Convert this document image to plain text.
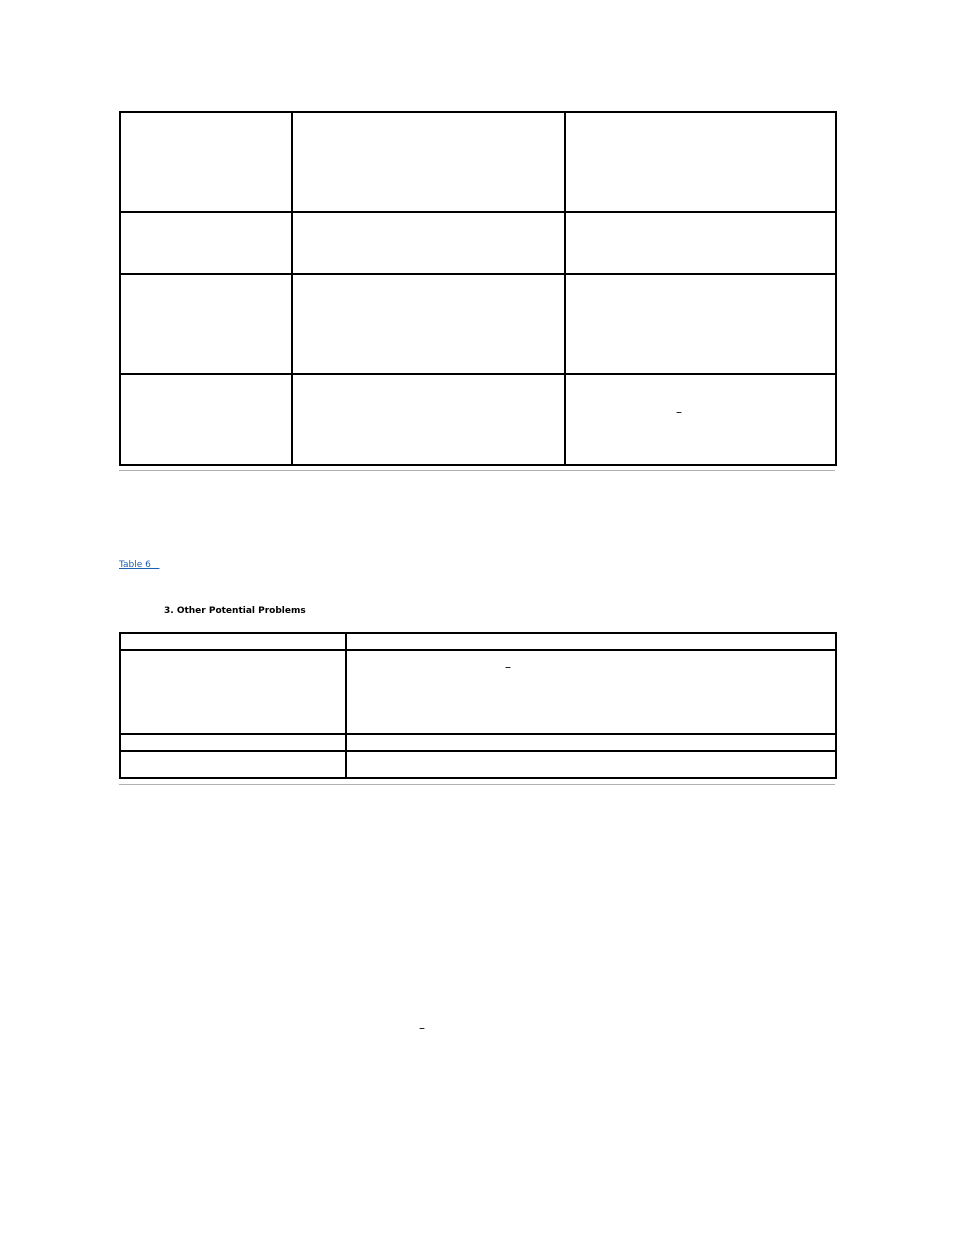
–
Table 6
3. Other Potential Problems

–
–
